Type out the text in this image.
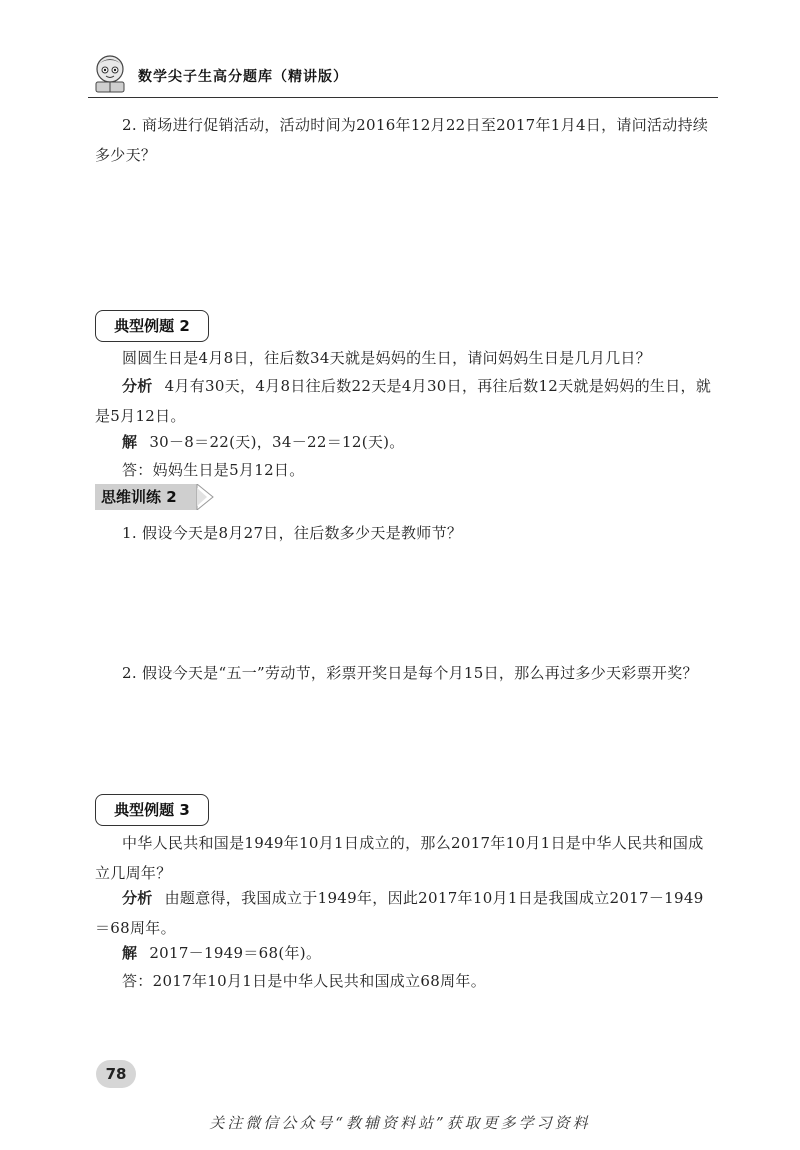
数学尖子生高分题库（精讲版）
2. 商场进行促销活动，活动时间为2016年12月22日至2017年1月4日，请问活动持续多少天？
典型例题 2
圆圆生日是4月8日，往后数34天就是妈妈的生日，请问妈妈生日是几月几日？
分析 4月有30天，4月8日往后数22天是4月30日，再往后数12天就是妈妈的生日，就是5月12日。
解 30－8＝22(天)，34－22＝12(天)。
答：妈妈生日是5月12日。
思维训练 2
1. 假设今天是8月27日，往后数多少天是教师节？
2. 假设今天是“五一”劳动节，彩票开奖日是每个月15日，那么再过多少天彩票开奖？
典型例题 3
中华人民共和国是1949年10月1日成立的，那么2017年10月1日是中华人民共和国成立几周年？
分析 由题意得，我国成立于1949年，因此2017年10月1日是我国成立2017－1949＝68周年。
解 2017－1949＝68(年)。
答：2017年10月1日是中华人民共和国成立68周年。
78
关注微信公众号“教辅资料站”获取更多学习资料
